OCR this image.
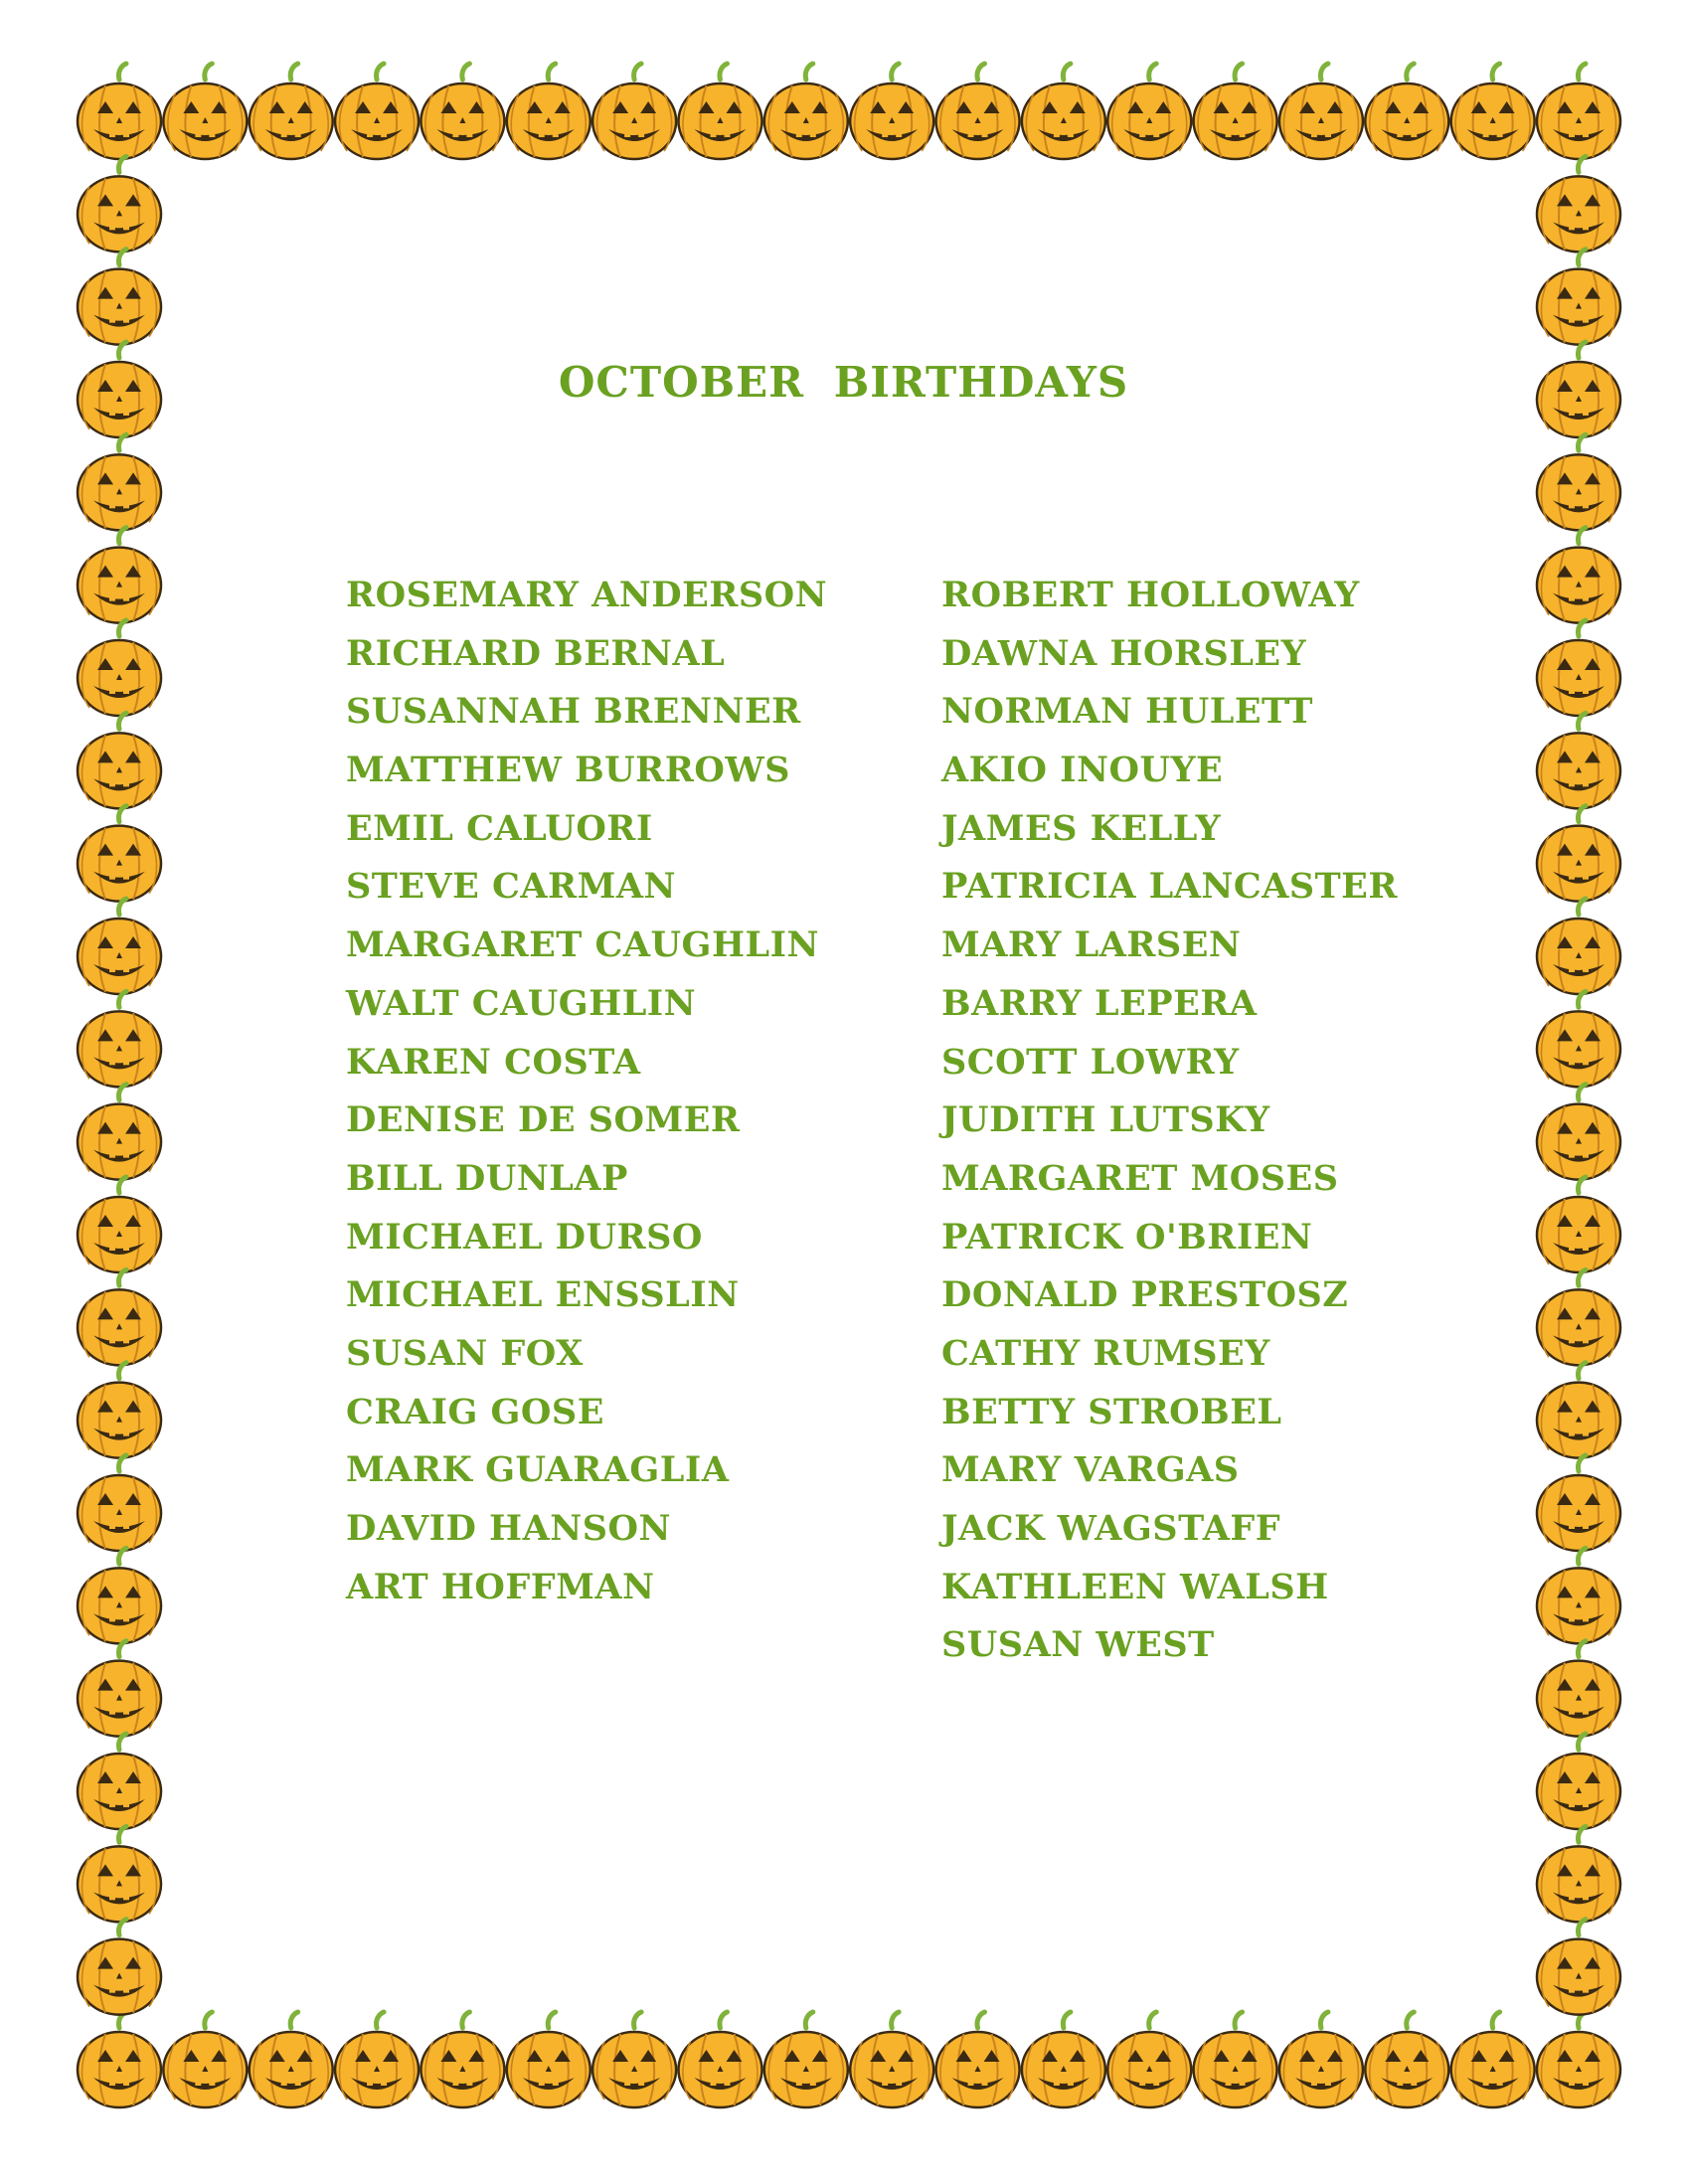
OCTOBER BIRTHDAYS
ROSEMARY ANDERSON
RICHARD BERNAL
SUSANNAH BRENNER
MATTHEW BURROWS
EMIL CALUORI
STEVE CARMAN
MARGARET CAUGHLIN
WALT CAUGHLIN
KAREN COSTA
DENISE DE SOMER
BILL DUNLAP
MICHAEL DURSO
MICHAEL ENSSLIN
SUSAN FOX
CRAIG GOSE
MARK GUARAGLIA
DAVID HANSON
ART HOFFMAN
ROBERT HOLLOWAY
DAWNA HORSLEY
NORMAN HULETT
AKIO INOUYE
JAMES KELLY
PATRICIA LANCASTER
MARY LARSEN
BARRY LEPERA
SCOTT LOWRY
JUDITH LUTSKY
MARGARET MOSES
PATRICK O'BRIEN
DONALD PRESTOSZ
CATHY RUMSEY
BETTY STROBEL
MARY VARGAS
JACK WAGSTAFF
KATHLEEN WALSH
SUSAN WEST
